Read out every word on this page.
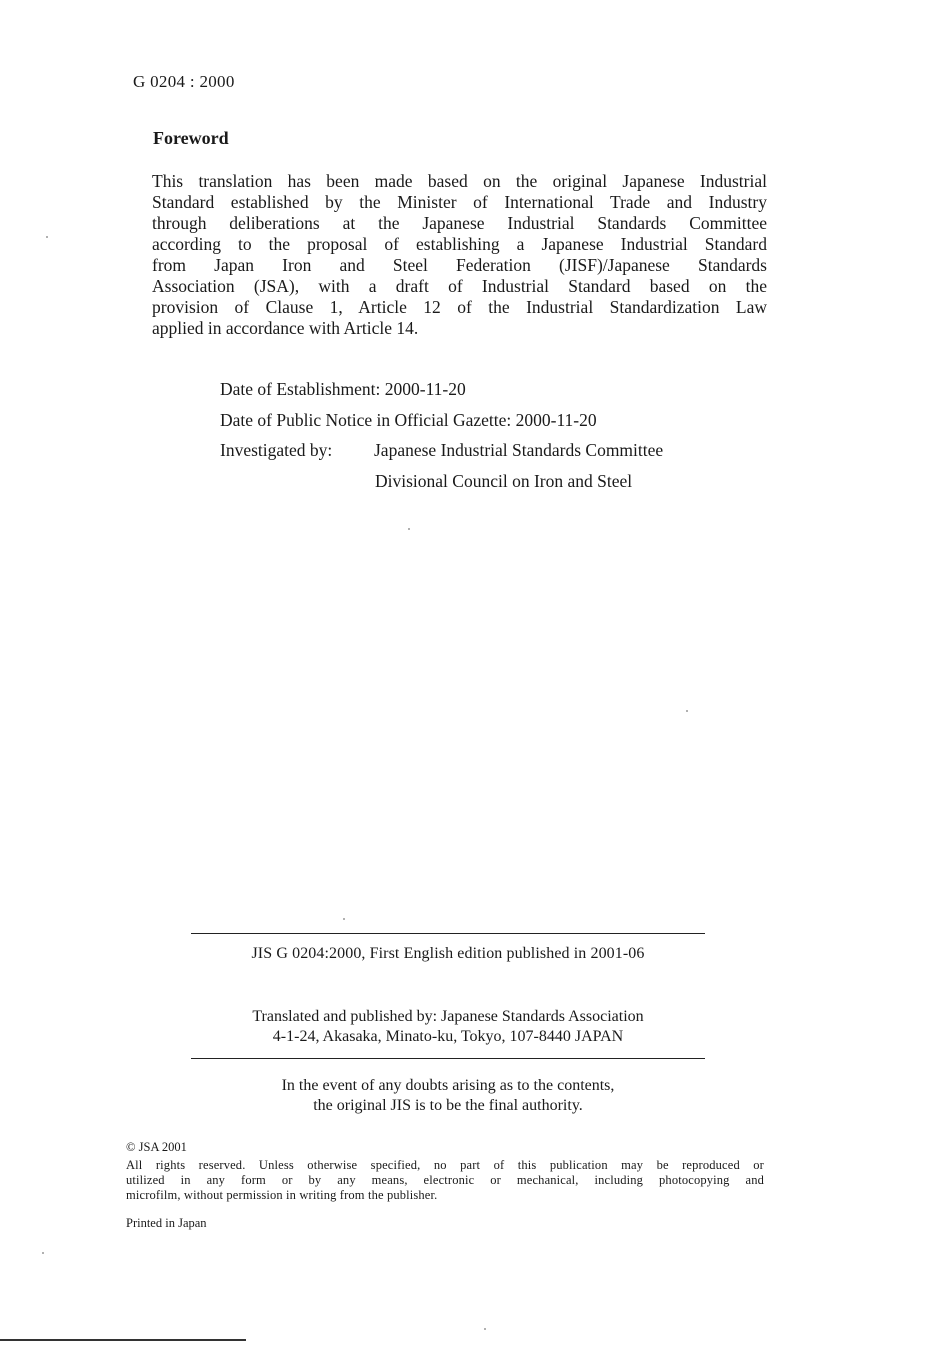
G 0204 : 2000
Foreword

This translation has been made based on the original Japanese Industrial
Standard established by the Minister of International Trade and Industry
through deliberations at the Japanese Industrial Standards Committee
according to the proposal of establishing a Japanese Industrial Standard
from Japan Iron and Steel Federation (JISF)/Japanese Standards
Association (JSA), with a draft of Industrial Standard based on the
provision of Clause 1, Article 12 of the Industrial Standardization Law
applied in accordance with Article 14.

Date of Establishment: 2000-11-20
Date of Public Notice in Official Gazette: 2000-11-20
Investigated by: Japanese Industrial Standards Committee
Divisional Council on Iron and Steel
JIS G 0204:2000, First English edition published in 2001-06
Translated and published by: Japanese Standards Association
4-1-24, Akasaka, Minato-ku, Tokyo, 107-8440 JAPAN
In the event of any doubts arising as to the contents,
the original JIS is to be the final authority.
© JSA 2001

All rights reserved. Unless otherwise specified, no part of this publication may be reproduced or
utilized in any form or by any means, electronic or mechanical, including photocopying and
microfilm, without permission in writing from the publisher.

Printed in Japan
